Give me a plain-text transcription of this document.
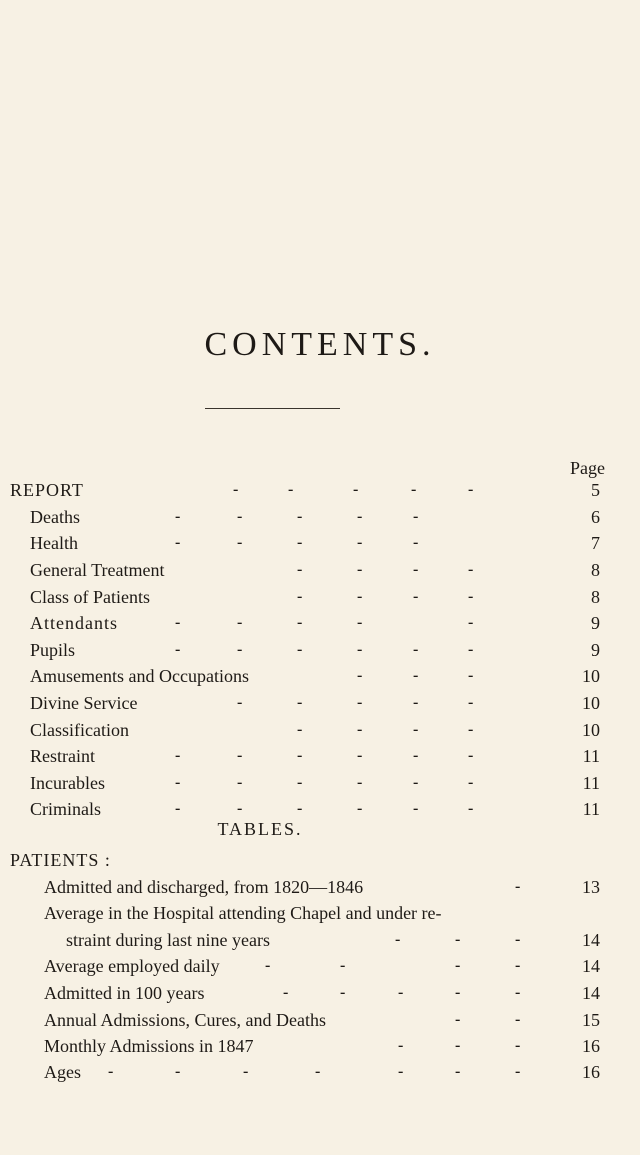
CONTENTS.
Page
REPORT	-	-	-	-	-	5
Deaths	-	-	-	-	-	6
Health	-	-	-	-	-	7
General Treatment	-	-	-	-	8
Class of Patients	-	-	-	-	8
Attendants	-	-	-	-	-	9
Pupils	-	-	-	-	-	-	9
Amusements and Occupations	-	-	-	10
Divine Service	-	-	-	-	-	10
Classification	-	-	-	-	10
Restraint	-	-	-	-	-	-	11
Incurables	-	-	-	-	-	-	11
Criminals	-	-	-	-	-	-	11
TABLES.
PATIENTS :
Admitted and discharged, from 1820—1846	-	13
Average in the Hospital attending Chapel and under re-
straint during last nine years	-	-	-	14
Average employed daily	-	-	-	-	14
Admitted in 100 years	-	-	-	-	-	14
Annual Admissions, Cures, and Deaths	-	-	15
Monthly Admissions in 1847	-	-	-	16
Ages -	-	-	-	-	-	-	16
